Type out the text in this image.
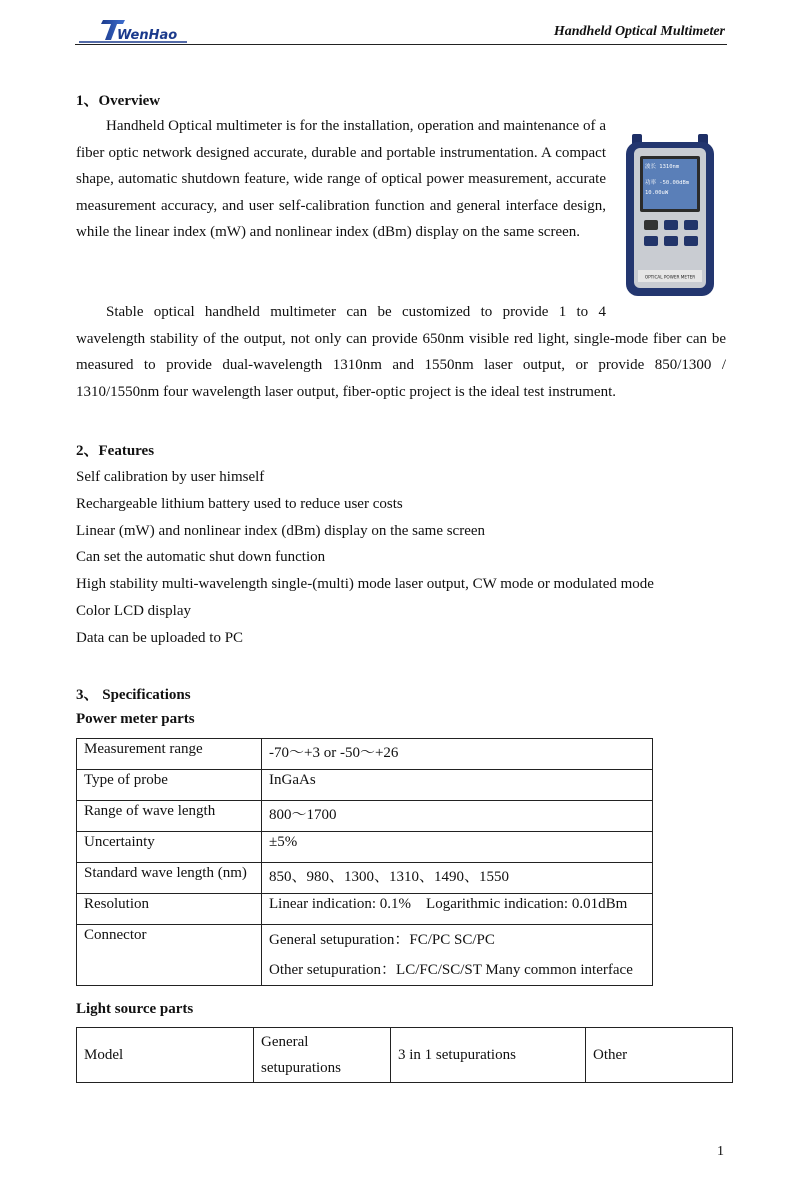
WenHao	Handheld Optical Multimeter
1、Overview
Handheld Optical multimeter is for the installation, operation and maintenance of a fiber optic network designed accurate, durable and portable instrumentation. A compact shape, automatic shutdown feature, wide range of optical power measurement, accurate measurement accuracy, and user self-calibration function and general interface design, while the linear index (mW) and nonlinear index (dBm) display on the same screen.
Stable optical handheld multimeter can be customized to provide 1 to 4 wavelength stability of the output, not only can provide 650nm visible red light, single-mode fiber can be measured to provide dual-wavelength 1310nm and 1550nm laser output, or provide 850/1300 / 1310/1550nm four wavelength laser output, fiber-optic project is the ideal test instrument.
波长 1310nm
功率 -50.00dBm
10.00uW
OPTICAL POWER METER
2、Features
Self calibration by user himself
Rechargeable lithium battery used to reduce user costs
Linear (mW) and nonlinear index (dBm) display on the same screen
Can set the automatic shut down function
High stability multi-wavelength single-(multi) mode laser output, CW mode or modulated mode
Color LCD display
Data can be uploaded to PC
3、 Specifications
Power meter parts
Measurement range	-70～+3 or -50～+26
Type of probe	InGaAs
Range of wave length	800～1700
Uncertainty	±5%
Standard wave length (nm)	850、980、1300、1310、1490、1550
Resolution	Linear indication: 0.1%    Logarithmic indication: 0.01dBm
Connector	General setupuration：FC/PC SC/PC
Other setupuration：LC/FC/SC/ST Many common interface
Light source parts
Model	General setupurations	3 in 1 setupurations	Other
1
